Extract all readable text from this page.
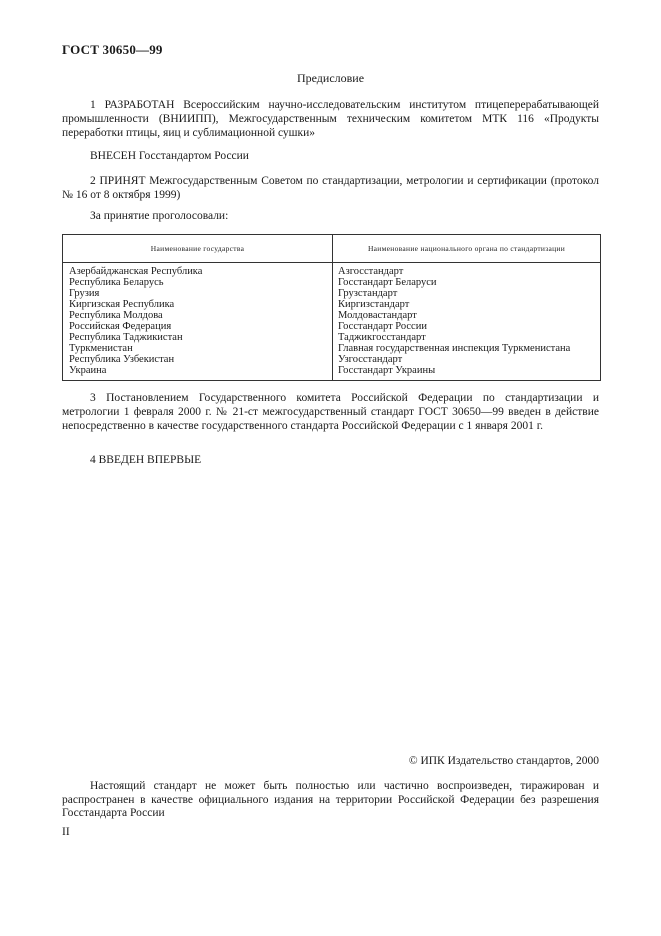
ГОСТ 30650—99
Предисловие
1 РАЗРАБОТАН Всероссийским научно-исследовательским институтом птицеперерабатывающей промышленности (ВНИИПП), Межгосударственным техническим комитетом МТК 116 «Продукты переработки птицы, яиц и сублимационной сушки»
ВНЕСЕН Госстандартом России
2 ПРИНЯТ Межгосударственным Советом по стандартизации, метрологии и сертификации (протокол № 16 от 8 октября 1999)
За принятие проголосовали:
Наименование государства	Наименование национального органа по стандартизации
Азербайджанская Республика
Республика Беларусь
Грузия
Киргизская Республика
Республика Молдова
Российская Федерация
Республика Таджикистан
Туркменистан
Республика Узбекистан
Украина
Азгосстандарт
Госстандарт Беларуси
Грузстандарт
Киргизстандарт
Молдовастандарт
Госстандарт России
Таджикгосстандарт
Главная государственная инспекция Туркменистана
Узгосстандарт
Госстандарт Украины
3 Постановлением Государственного комитета Российской Федерации по стандартизации и метрологии 1 февраля 2000 г. № 21-ст межгосударственный стандарт ГОСТ 30650—99 введен в действие непосредственно в качестве государственного стандарта Российской Федерации с 1 января 2001 г.
4 ВВЕДЕН ВПЕРВЫЕ
© ИПК Издательство стандартов, 2000
Настоящий стандарт не может быть полностью или частично воспроизведен, тиражирован и распространен в качестве официального издания на территории Российской Федерации без разрешения Госстандарта России
II
